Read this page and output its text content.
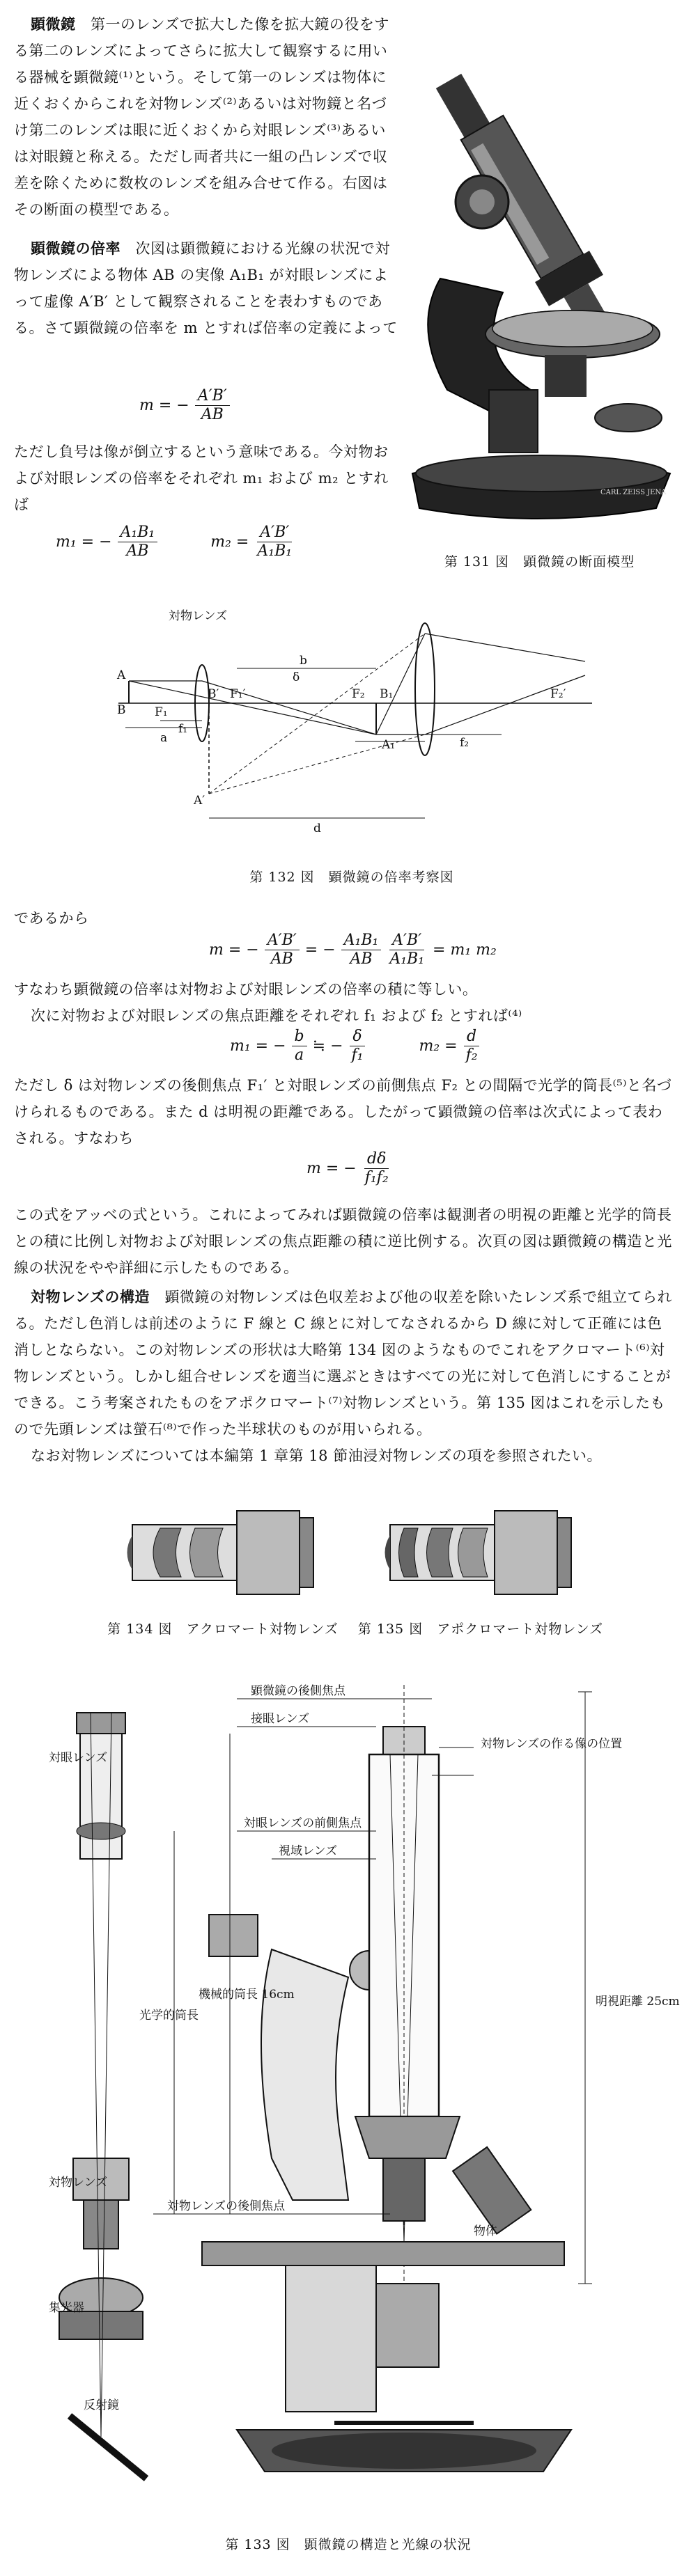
顕微鏡　 第一のレンズで拡大した像を拡大鏡の役をする第二のレンズによってさらに拡大して観察するに用いる器械を顕微鏡⁽¹⁾という。そして第一のレンズは物体に近くおくからこれを対物レンズ⁽²⁾あるいは対物鏡と名づけ第二のレンズは眼に近くおくから対眼レンズ⁽³⁾あるいは対眼鏡と称える。ただし両者共に一組の凸レンズで収差を除くために数枚のレンズを組み合せて作る。右図はその断面の模型である。

顕微鏡の倍率　 次図は顕微鏡における光線の状況で対物レンズによる物体 AB の実像 A₁B₁ が対眼レンズによって虚像 A′B′ として観察されることを表わすものである。さて顕微鏡の倍率を m とすれば倍率の定義によって

m = − $\frac{A'B'}{AB}$

ただし負号は像が倒立するという意味である。今対物および対眼レンズの倍率をそれぞれ m₁ および m₂ とすれば

m₁ = − $\frac{\text{A₁B₁}}{AB}$	$m_2 = \frac{A'B'}{\text{A₁B₁}}$
CARL ZEISS JENA
第 131 図　顕微鏡の断面模型
対物レンズ
A
B F₁
B′ F₁′	F₂ B₁	F₂′
A₁
A′
a
b
f₁
f₂
d
δ
第 132 図　顕微鏡の倍率考察図

であるから

m = − $\frac{A'B'}{AB}$ = − $\frac{\text{A₁B₁}}{AB} \frac{A'B'}{\text{A₁B₁}} = m_1$ m₂

すなわち顕微鏡の倍率は対物および対眼レンズの倍率の積に等しい。

次に対物および対眼レンズの焦点距離をそれぞれ f₁ および f₂ とすれば⁽⁴⁾

m₁ = − $\frac{b}{a}$ ≒ − $\frac{\delta}{\text{f₁}}$	$m_2 = \frac{d}{\text{f₂}}$

ただし δ は対物レンズの後側焦点 F₁′ と対眼レンズの前側焦点 F₂ との間隔で光学的筒長⁽⁵⁾と名づけられるものである。また d は明視の距離である。したがって顕微鏡の倍率は次式によって表わされる。すなわち

m = − $\frac{d\delta}{\text{f₁f₂}}$

この式をアッベの式という。これによってみれば顕微鏡の倍率は観測者の明視の距離と光学的筒長との積に比例し対物および対眼レンズの焦点距離の積に逆比例する。次頁の図は顕微鏡の構造と光線の状況をやや詳細に示したものである。

対物レンズの構造　 顕微鏡の対物レンズは色収差および他の収差を除いたレンズ系で組立てられる。ただし色消しは前述のように F 線と C 線とに対してなされるから D 線に対して正確には色消しとならない。この対物レンズの形状は大略第 134 図のようなものでこれをアクロマート⁽⁶⁾対物レンズという。しかし組合せレンズを適当に選ぶときはすべての光に対して色消しにすることができる。こう考案されたものをアポクロマート⁽⁷⁾対物レンズという。第 135 図はこれを示したもので先頭レンズは螢石⁽⁸⁾で作った半球状のものが用いられる。

なお対物レンズについては本編第 1 章第 18 節油浸対物レンズの項を参照されたい。

第 134 図　アクロマート対物レンズ	第 135 図　アポクロマート対物レンズ
顕微鏡の後側焦点
接眼レンズ
対眼レンズ
対物レンズの作る像の位置
対眼レンズの前側焦点
視域レンズ
光学的筒長
機械的筒長 16cm	明視距離 25cm
対物レンズ
対物レンズの後側焦点
物体
集光器
反射鏡
第 133 図　顕微鏡の構造と光線の状況
